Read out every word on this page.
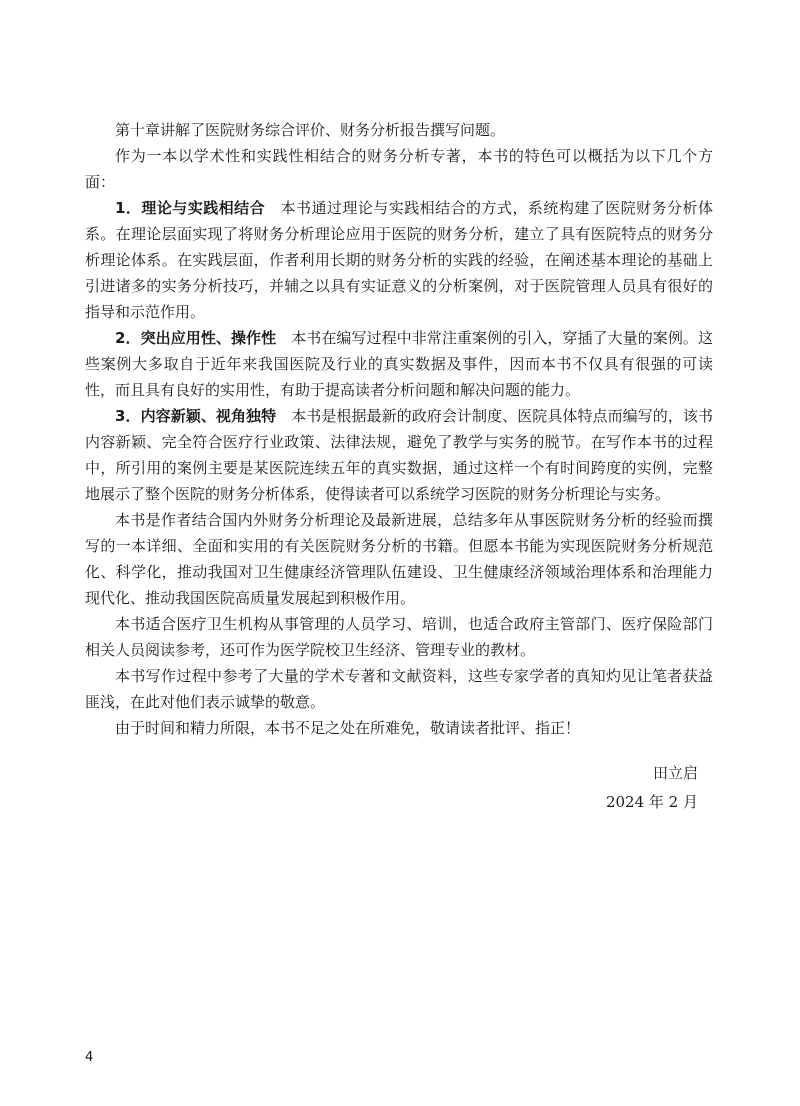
第十章讲解了医院财务综合评价、财务分析报告撰写问题。

作为一本以学术性和实践性相结合的财务分析专著，本书的特色可以概括为以下几个方面：

1．理论与实践相结合　本书通过理论与实践相结合的方式，系统构建了医院财务分析体系。在理论层面实现了将财务分析理论应用于医院的财务分析，建立了具有医院特点的财务分析理论体系。在实践层面，作者利用长期的财务分析的实践的经验，在阐述基本理论的基础上引进诸多的实务分析技巧，并辅之以具有实证意义的分析案例，对于医院管理人员具有很好的指导和示范作用。

2．突出应用性、操作性　本书在编写过程中非常注重案例的引入，穿插了大量的案例。这些案例大多取自于近年来我国医院及行业的真实数据及事件，因而本书不仅具有很强的可读性，而且具有良好的实用性，有助于提高读者分析问题和解决问题的能力。

3．内容新颖、视角独特　本书是根据最新的政府会计制度、医院具体特点而编写的，该书内容新颖、完全符合医疗行业政策、法律法规，避免了教学与实务的脱节。在写作本书的过程中，所引用的案例主要是某医院连续五年的真实数据，通过这样一个有时间跨度的实例，完整地展示了整个医院的财务分析体系，使得读者可以系统学习医院的财务分析理论与实务。

本书是作者结合国内外财务分析理论及最新进展，总结多年从事医院财务分析的经验而撰写的一本详细、全面和实用的有关医院财务分析的书籍。但愿本书能为实现医院财务分析规范化、科学化，推动我国对卫生健康经济管理队伍建设、卫生健康经济领域治理体系和治理能力现代化、推动我国医院高质量发展起到积极作用。

本书适合医疗卫生机构从事管理的人员学习、培训，也适合政府主管部门、医疗保险部门相关人员阅读参考，还可作为医学院校卫生经济、管理专业的教材。

本书写作过程中参考了大量的学术专著和文献资料，这些专家学者的真知灼见让笔者获益匪浅，在此对他们表示诚挚的敬意。

由于时间和精力所限，本书不足之处在所难免，敬请读者批评、指正！

田立启
2024 年 2 月
4
